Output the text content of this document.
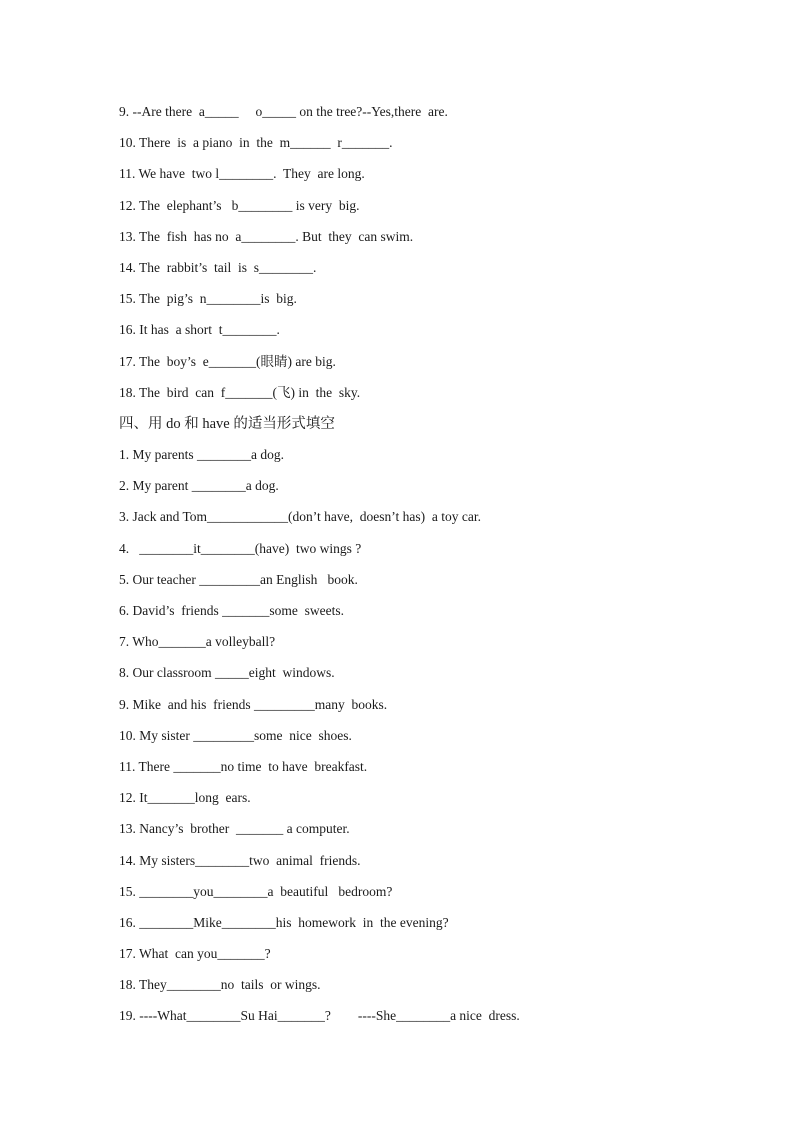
9. --Are there  a_____     o_____ on the tree?--Yes,there  are.
10. There  is  a piano  in  the  m______  r_______.
11. We have  two l________.  They  are long.
12. The  elephant’s   b________ is very  big.
13. The  fish  has no  a________. But  they  can swim.
14. The  rabbit’s  tail  is  s________.
15. The  pig’s  n________is  big.
16. It has  a short  t________.
17. The  boy’s  e_______(眼睛) are big.
18. The  bird  can  f_______(飞) in  the  sky.
四、用 do 和 have 的适当形式填空
1. My parents ________a dog.
2. My parent ________a dog.
3. Jack and Tom____________(don’t have,  doesn’t has)  a toy car.
4.   ________it________(have)  two wings ?
5. Our teacher _________an English   book.
6. David’s  friends _______some  sweets.
7. Who_______a volleyball?
8. Our classroom _____eight  windows.
9. Mike  and his  friends _________many  books.
10. My sister _________some  nice  shoes.
11. There _______no time  to have  breakfast.
12. It_______long  ears.
13. Nancy’s  brother  _______ a computer.
14. My sisters________two  animal  friends.
15. ________you________a  beautiful   bedroom?
16. ________Mike________his  homework  in  the evening?
17. What  can you_______?
18. They________no  tails  or wings.
19. ----What________Su Hai_______?        ----She________a nice  dress.
